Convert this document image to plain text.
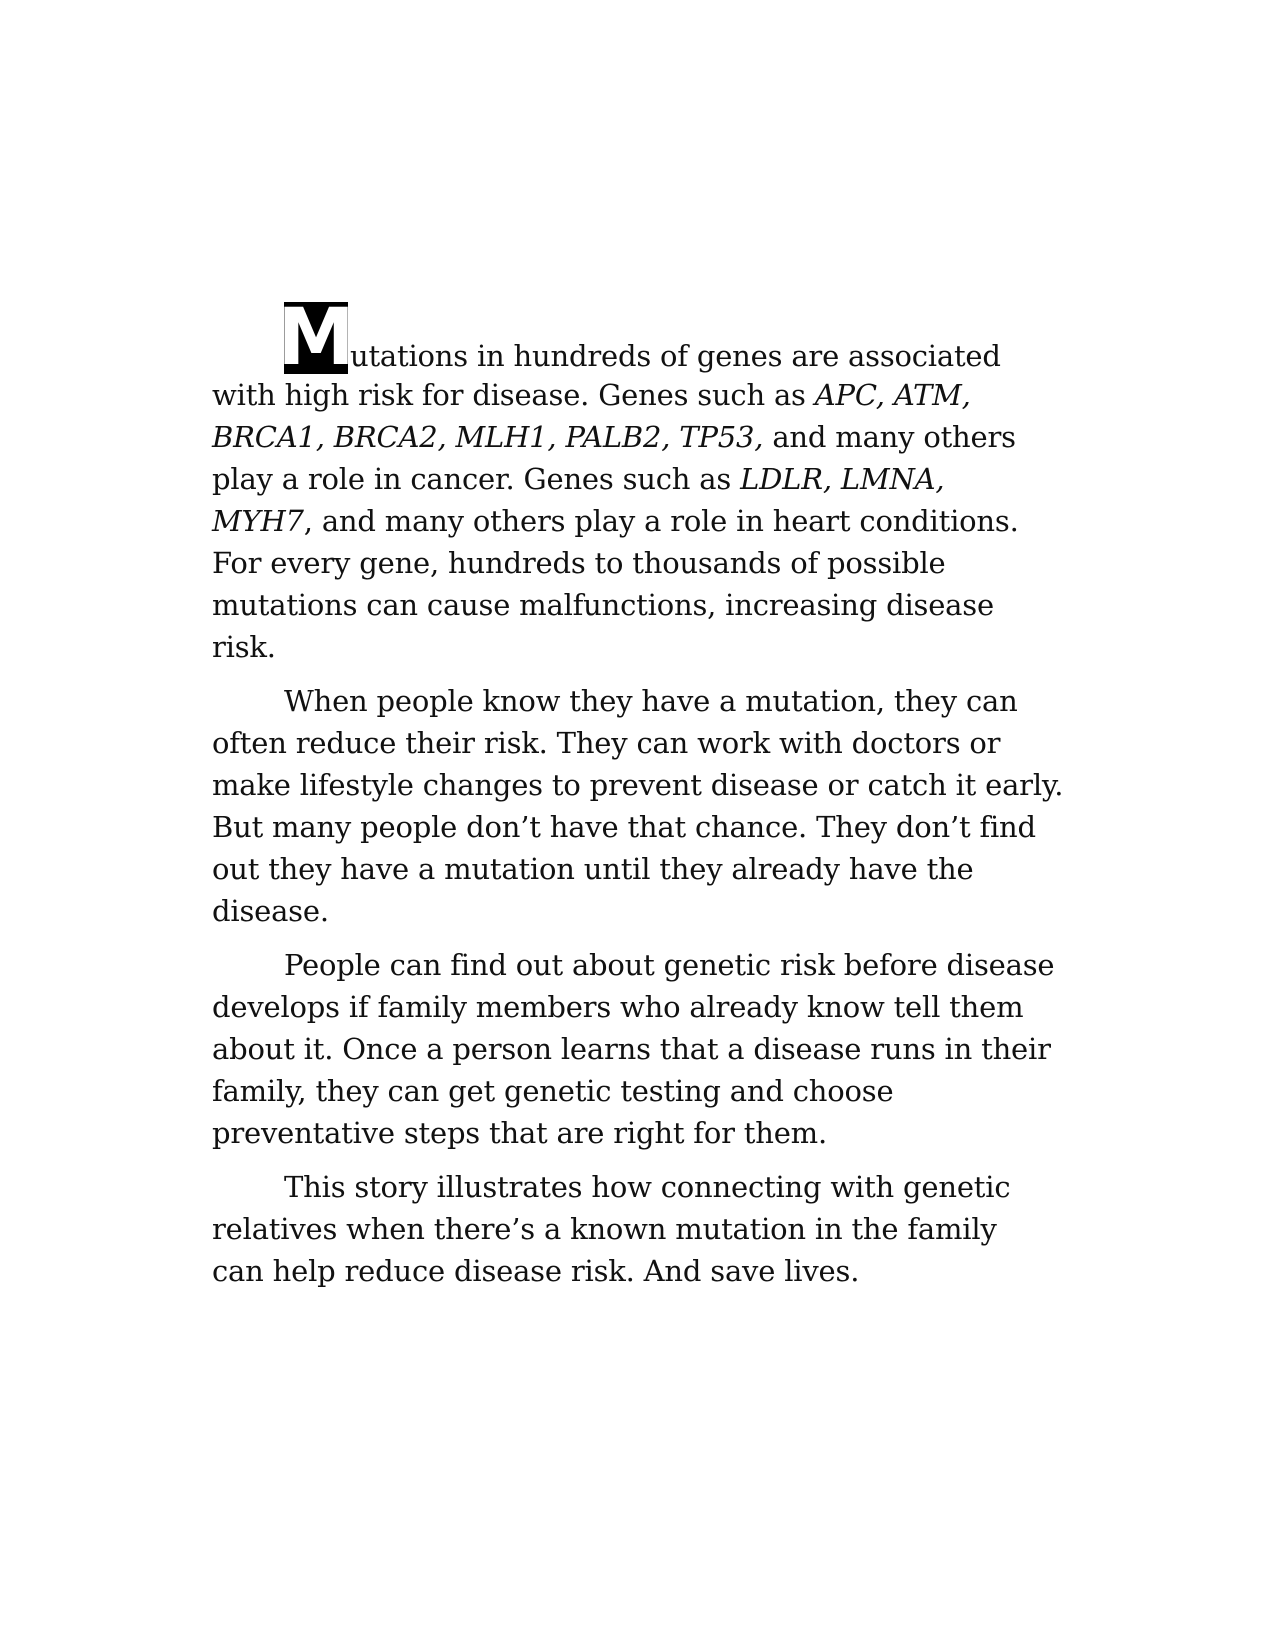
M
utations in hundreds of genes are associated
with high risk for disease. Genes such as APC, ATM,
BRCA1, BRCA2, MLH1, PALB2, TP53, and many others
play a role in cancer. Genes such as LDLR, LMNA,
MYH7, and many others play a role in heart conditions.
For every gene, hundreds to thousands of possible
mutations can cause malfunctions, increasing disease
risk.
When people know they have a mutation, they can
often reduce their risk. They can work with doctors or
make lifestyle changes to prevent disease or catch it early.
But many people don’t have that chance. They don’t find
out they have a mutation until they already have the
disease.
People can find out about genetic risk before disease
develops if family members who already know tell them
about it. Once a person learns that a disease runs in their
family, they can get genetic testing and choose
preventative steps that are right for them.
This story illustrates how connecting with genetic
relatives when there’s a known mutation in the family
can help reduce disease risk. And save lives.
